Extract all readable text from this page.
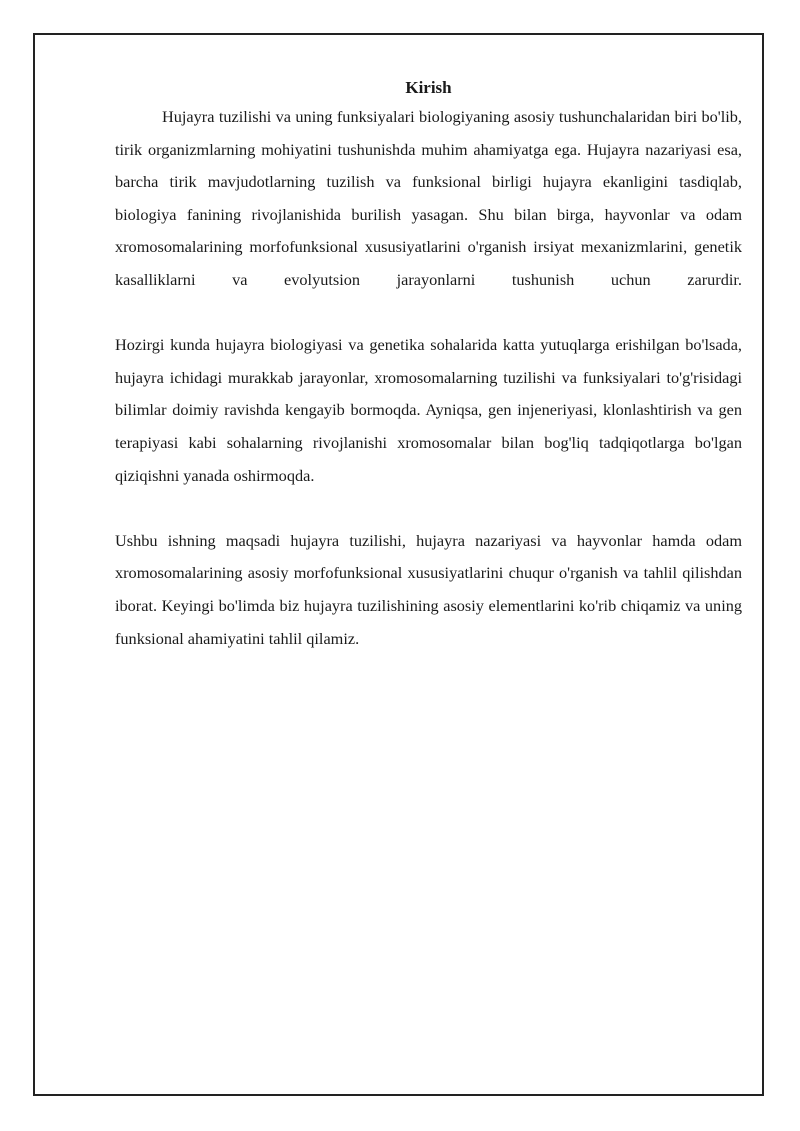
Kirish

Hujayra tuzilishi va uning funksiyalari biologiyaning asosiy tushunchalaridan biri bo'lib, tirik organizmlarning mohiyatini tushunishda muhim ahamiyatga ega. Hujayra nazariyasi esa, barcha tirik mavjudotlarning tuzilish va funksional birligi hujayra ekanligini tasdiqlab, biologiya fanining rivojlanishida burilish yasagan. Shu bilan birga, hayvonlar va odam xromosomalarining morfofunksional xususiyatlarini o'rganish irsiyat mexanizmlarini, genetik kasalliklarni va evolyutsion jarayonlarni tushunish uchun zarurdir.

Hozirgi kunda hujayra biologiyasi va genetika sohalarida katta yutuqlarga erishilgan bo'lsada, hujayra ichidagi murakkab jarayonlar, xromosomalarning tuzilishi va funksiyalari to'g'risidagi bilimlar doimiy ravishda kengayib bormoqda. Ayniqsa, gen injeneriyasi, klonlashtirish va gen terapiyasi kabi sohalarning rivojlanishi xromosomalar bilan bog'liq tadqiqotlarga bo'lgan qiziqishni yanada oshirmoqda.

Ushbu ishning maqsadi hujayra tuzilishi, hujayra nazariyasi va hayvonlar hamda odam xromosomalarining asosiy morfofunksional xususiyatlarini chuqur o'rganish va tahlil qilishdan iborat. Keyingi bo'limda biz hujayra tuzilishining asosiy elementlarini ko'rib chiqamiz va uning funksional ahamiyatini tahlil qilamiz.
